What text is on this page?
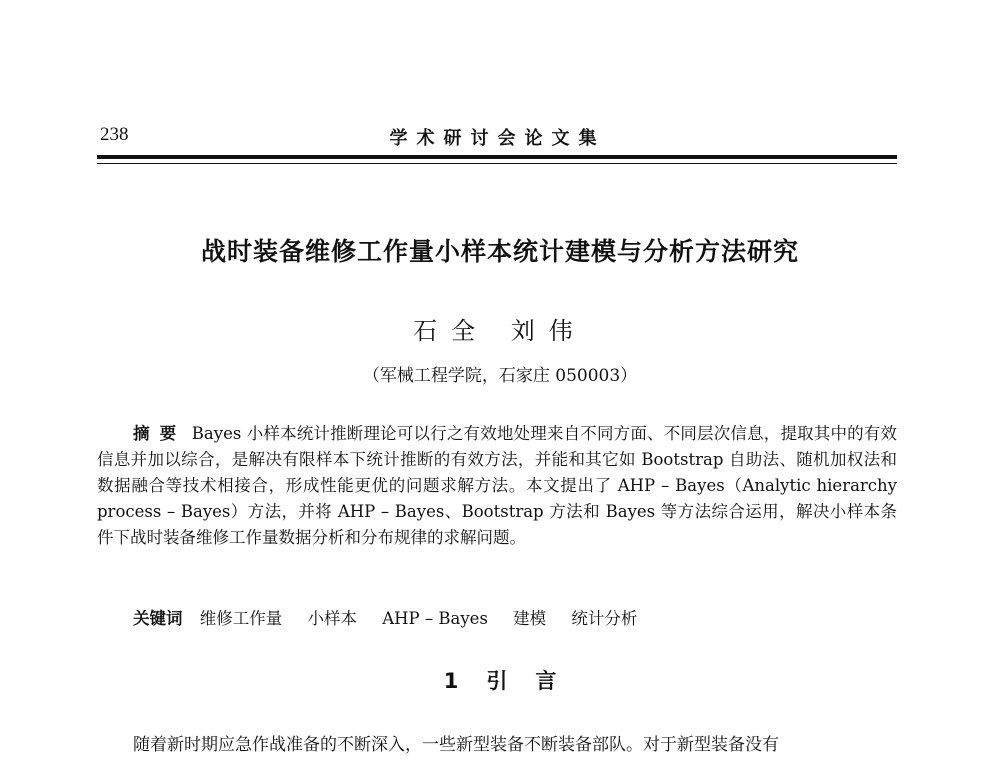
238	学术研讨会论文集
战时装备维修工作量小样本统计建模与分析方法研究
石全 刘伟
（军械工程学院，石家庄 050003）

摘要 Bayes 小样本统计推断理论可以行之有效地处理来自不同方面、不同层次信息，提取其中的有效信息并加以综合，是解决有限样本下统计推断的有效方法，并能和其它如 Bootstrap 自助法、随机加权法和数据融合等技术相接合，形成性能更优的问题求解方法。本文提出了 AHP – Bayes（Analytic hierarchy process – Bayes）方法，并将 AHP – Bayes、Bootstrap 方法和 Bayes 等方法综合运用，解决小样本条件下战时装备维修工作量数据分析和分布规律的求解问题。

关键词 维修工作量 小样本 AHP – Bayes 建模 统计分析
1 引 言

随着新时期应急作战准备的不断深入，一些新型装备不断装备部队。对于新型装备没有
